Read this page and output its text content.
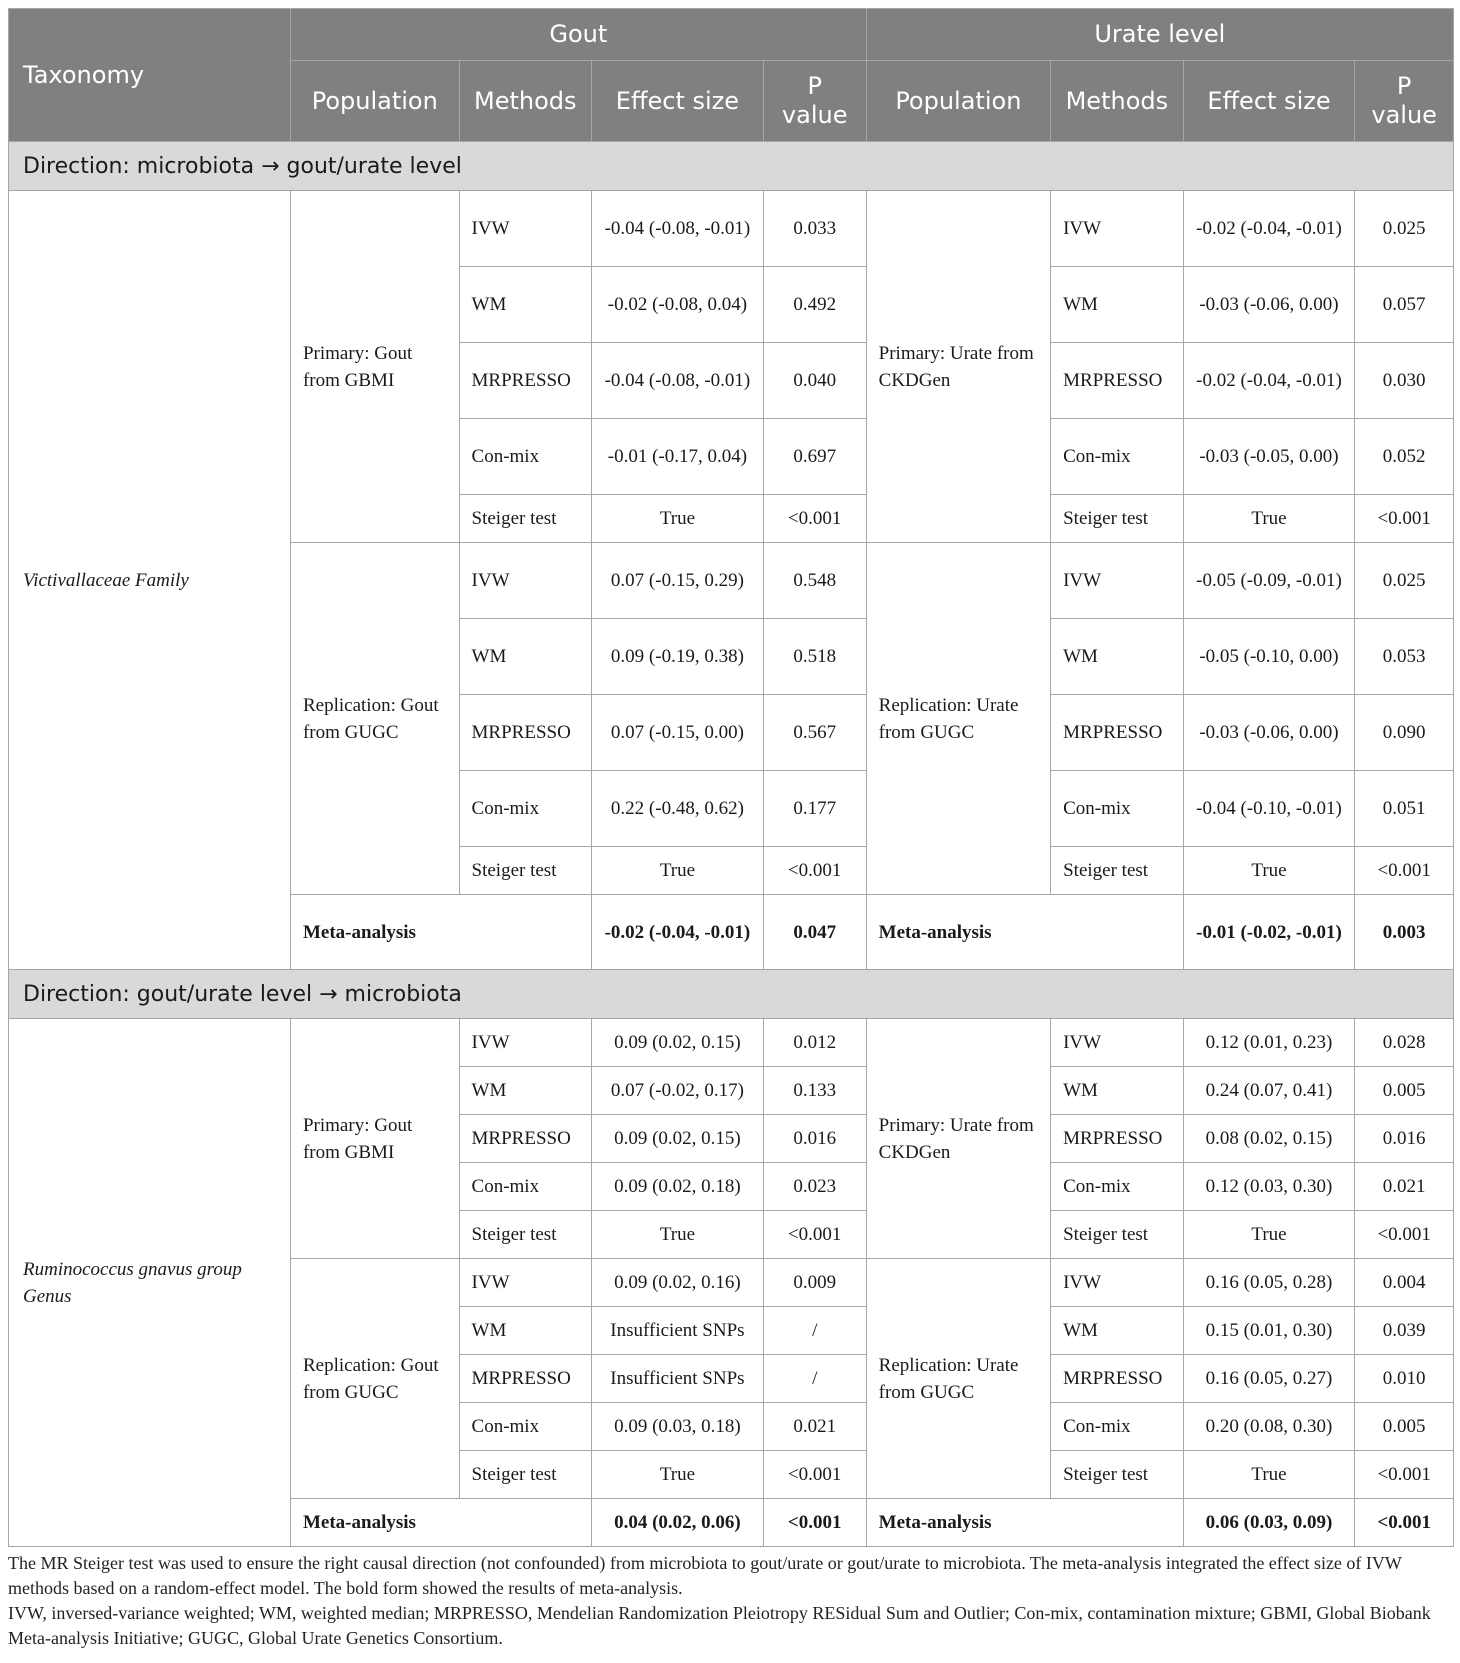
Taxonomy	Gout				Urate level			
	Population	Methods	Effect size	P value	Population	Methods	Effect size	P value
Direction: microbiota → gout/urate level								
Victivallaceae Family	Primary: Gout from GBMI	IVW	-0.04 (-0.08, -0.01)	0.033	Primary: Urate from CKDGen	IVW	-0.02 (-0.04, -0.01)	0.025
		WM	-0.02 (-0.08, 0.04)	0.492		WM	-0.03 (-0.06, 0.00)	0.057
		MRPRESSO	-0.04 (-0.08, -0.01)	0.040		MRPRESSO	-0.02 (-0.04, -0.01)	0.030
		Con-mix	-0.01 (-0.17, 0.04)	0.697		Con-mix	-0.03 (-0.05, 0.00)	0.052
		Steiger test	True	<0.001		Steiger test	True	<0.001
	Replication: Gout from GUGC	IVW	0.07 (-0.15, 0.29)	0.548	Replication: Urate from GUGC	IVW	-0.05 (-0.09, -0.01)	0.025
		WM	0.09 (-0.19, 0.38)	0.518		WM	-0.05 (-0.10, 0.00)	0.053
		MRPRESSO	0.07 (-0.15, 0.00)	0.567		MRPRESSO	-0.03 (-0.06, 0.00)	0.090
		Con-mix	0.22 (-0.48, 0.62)	0.177		Con-mix	-0.04 (-0.10, -0.01)	0.051
		Steiger test	True	<0.001		Steiger test	True	<0.001
	Meta-analysis		-0.02 (-0.04, -0.01)	0.047	Meta-analysis		-0.01 (-0.02, -0.01)	0.003
Direction: gout/urate level → microbiota								
Ruminococcus gnavus group Genus	Primary: Gout from GBMI	IVW	0.09 (0.02, 0.15)	0.012	Primary: Urate from CKDGen	IVW	0.12 (0.01, 0.23)	0.028
		WM	0.07 (-0.02, 0.17)	0.133		WM	0.24 (0.07, 0.41)	0.005
		MRPRESSO	0.09 (0.02, 0.15)	0.016		MRPRESSO	0.08 (0.02, 0.15)	0.016
		Con-mix	0.09 (0.02, 0.18)	0.023		Con-mix	0.12 (0.03, 0.30)	0.021
		Steiger test	True	<0.001		Steiger test	True	<0.001
	Replication: Gout from GUGC	IVW	0.09 (0.02, 0.16)	0.009	Replication: Urate from GUGC	IVW	0.16 (0.05, 0.28)	0.004
		WM	Insufficient SNPs	/		WM	0.15 (0.01, 0.30)	0.039
		MRPRESSO	Insufficient SNPs	/		MRPRESSO	0.16 (0.05, 0.27)	0.010
		Con-mix	0.09 (0.03, 0.18)	0.021		Con-mix	0.20 (0.08, 0.30)	0.005
		Steiger test	True	<0.001		Steiger test	True	<0.001
	Meta-analysis		0.04 (0.02, 0.06)	<0.001	Meta-analysis		0.06 (0.03, 0.09)	<0.001

The MR Steiger test was used to ensure the right causal direction (not confounded) from microbiota to gout/urate or gout/urate to microbiota. The meta-analysis integrated the effect size of IVW methods based on a random-effect model. The bold form showed the results of meta-analysis.

IVW, inversed-variance weighted; WM, weighted median; MRPRESSO, Mendelian Randomization Pleiotropy RESidual Sum and Outlier; Con-mix, contamination mixture; GBMI, Global Biobank Meta-analysis Initiative; GUGC, Global Urate Genetics Consortium.
